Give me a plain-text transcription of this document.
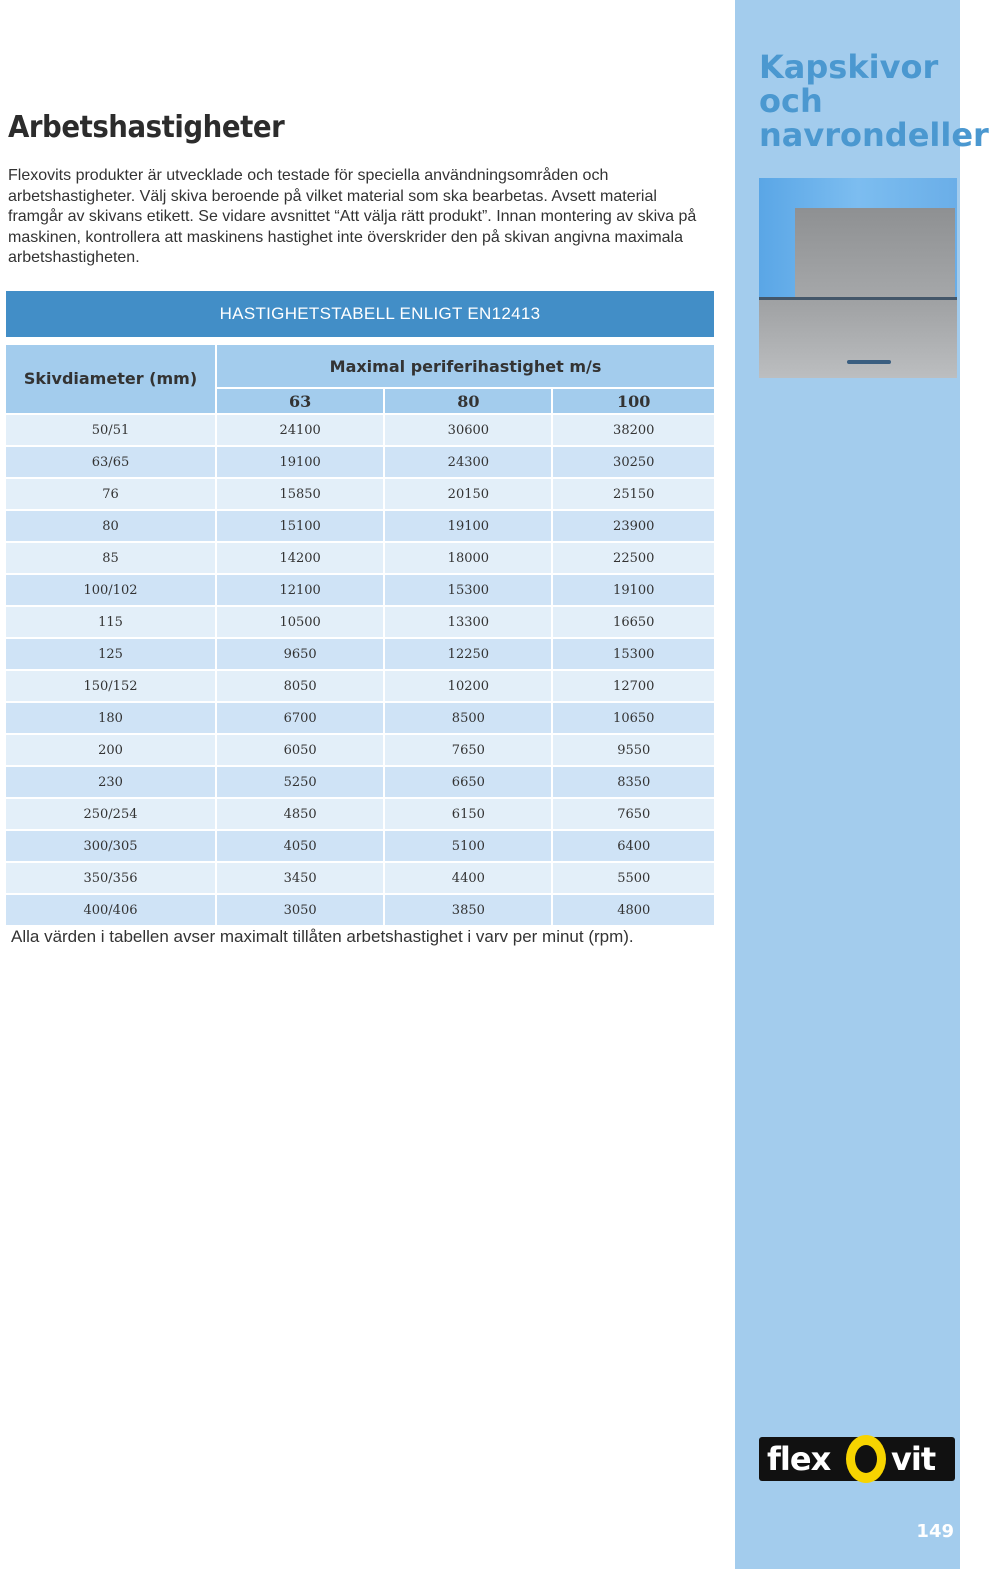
Kapskivor
och
navrondeller
flex vit
149
Arbetshastigheter

Flexovits produkter är utvecklade och testade för speciella användningsområden och arbetshastigheter. Välj skiva beroende på vilket material som ska bearbetas. Avsett material framgår av skivans etikett. Se vidare avsnittet “Att välja rätt produkt”. Innan montering av skiva på maskinen, kontrollera att maskinens hastighet inte överskrider den på skivan angivna maximala arbetshastigheten.

HASTIGHETSTABELL ENLIGT EN12413
Skivdiameter (mm)	Maximal periferihastighet m/s		
	63	80	100
50/51	24100	30600	38200
63/65	19100	24300	30250
76	15850	20150	25150
80	15100	19100	23900
85	14200	18000	22500
100/102	12100	15300	19100
115	10500	13300	16650
125	9650	12250	15300
150/152	8050	10200	12700
180	6700	8500	10650
200	6050	7650	9550
230	5250	6650	8350
250/254	4850	6150	7650
300/305	4050	5100	6400
350/356	3450	4400	5500
400/406	3050	3850	4800

Alla värden i tabellen avser maximalt tillåten arbetshastighet i varv per minut (rpm).
